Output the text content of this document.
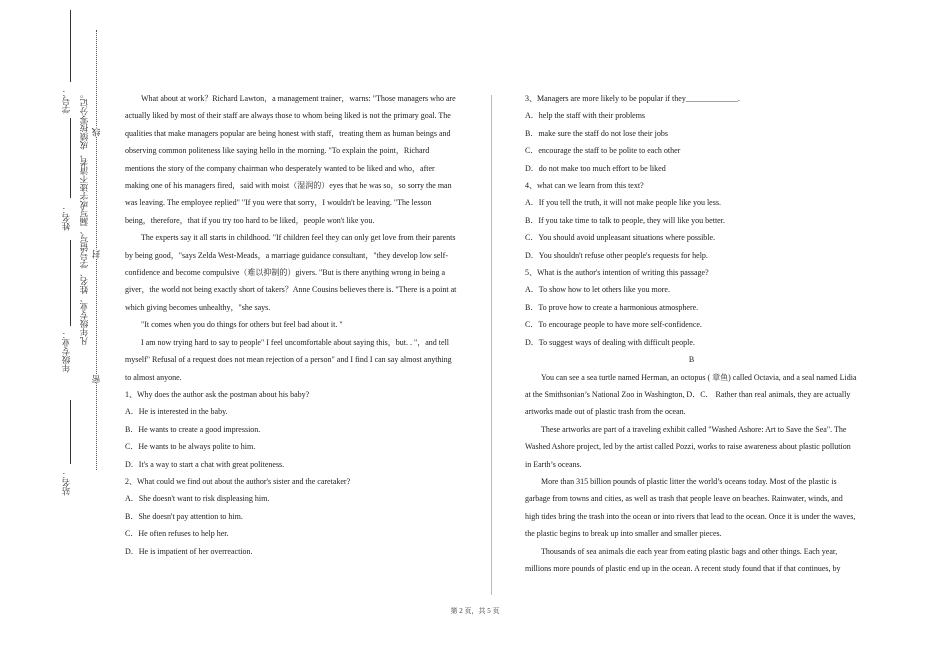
学号：
姓名：
年级专业：
站名：
凡年级专业、姓名、学号错写、漏写或字迹不清者，成绩按零分记。 线
封
密

What about at work？Richard Lawton，a management trainer，warns: "Those managers who are actually liked by most of their staff are always those to whom being liked is not the primary goal. The qualities that make managers popular are being honest with staff，treating them as human beings and observing common politeness like saying hello in the morning. "To explain the point，Richard mentions the story of the company chairman who desperately wanted to be liked and who，after making one of his managers fired，said with moist（湿润的）eyes that he was so，so sorry the man was leaving. The employee replied" "If you were that sorry，I wouldn't be leaving. "The lesson being，therefore，that if you try too hard to be liked，people won't like you.

The experts say it all starts in childhood. "If children feel they can only get love from their parents by being good，"says Zelda West-Meads，a marriage guidance consultant，"they develop low self-confidence and become compulsive（难以抑制的）givers. "But is there anything wrong in being a giver，the world not being exactly short of takers？Anne Cousins believes there is. "There is a point at which giving becomes unhealthy，"she says.

"It comes when you do things for others but feel bad about it. "

I am now trying hard to say to people" I feel uncomfortable about saying this，but. . "，and tell myself" Refusal of a request does not mean rejection of a person" and I find I can say almost anything to almost anyone.

1、Why does the author ask the postman about his baby?

A．He is interested in the baby.

B．He wants to create a good impression.

C．He wants to be always polite to him.

D．It's a way to start a chat with great politeness.

2、What could we find out about the author's sister and the caretaker?

A．She doesn't want to risk displeasing him.

B．She doesn't pay attention to him.

C．He often refuses to help her.

D．He is impatient of her overreaction.

3、Managers are more likely to be popular if they_____________.

A．help the staff with their problems

B．make sure the staff do not lose their jobs

C．encourage the staff to be polite to each other

D．do not make too much effort to be liked

4、what can we learn from this text?

A．If you tell the truth, it will not make people like you less.

B．If you take time to talk to people, they will like you better.

C．You should avoid unpleasant situations where possible.

D．You shouldn't refuse other people's requests for help.

5、What is the author's intention of writing this passage?

A．To show how to let others like you more.

B．To prove how to create a harmonious atmosphere.

C．To encourage people to have more self-confidence.

D．To suggest ways of dealing with difficult people.

B

You can see a sea turtle named Herman, an octopus ( 章鱼) called Octavia, and a seal named Lidia at the Smithsonian’s National Zoo in Washington, D．C． Rather than real animals, they are actually artworks made out of plastic trash from the ocean.

These artworks are part of a traveling exhibit called "Washed Ashore: Art to Save the Sea". The Washed Ashore project, led by the artist called Pozzi, works to raise awareness about plastic pollution in Earth’s oceans.

More than 315 billion pounds of plastic litter the world’s oceans today. Most of the plastic is garbage from towns and cities, as well as trash that people leave on beaches. Rainwater, winds, and high tides bring the trash into the ocean or into rivers that lead to the ocean. Once it is under the waves, the plastic begins to break up into smaller and smaller pieces.

Thousands of sea animals die each year from eating plastic bags and other things. Each year, millions more pounds of plastic end up in the ocean. A recent study found that if that continues, by

第 2 页，共 5 页
